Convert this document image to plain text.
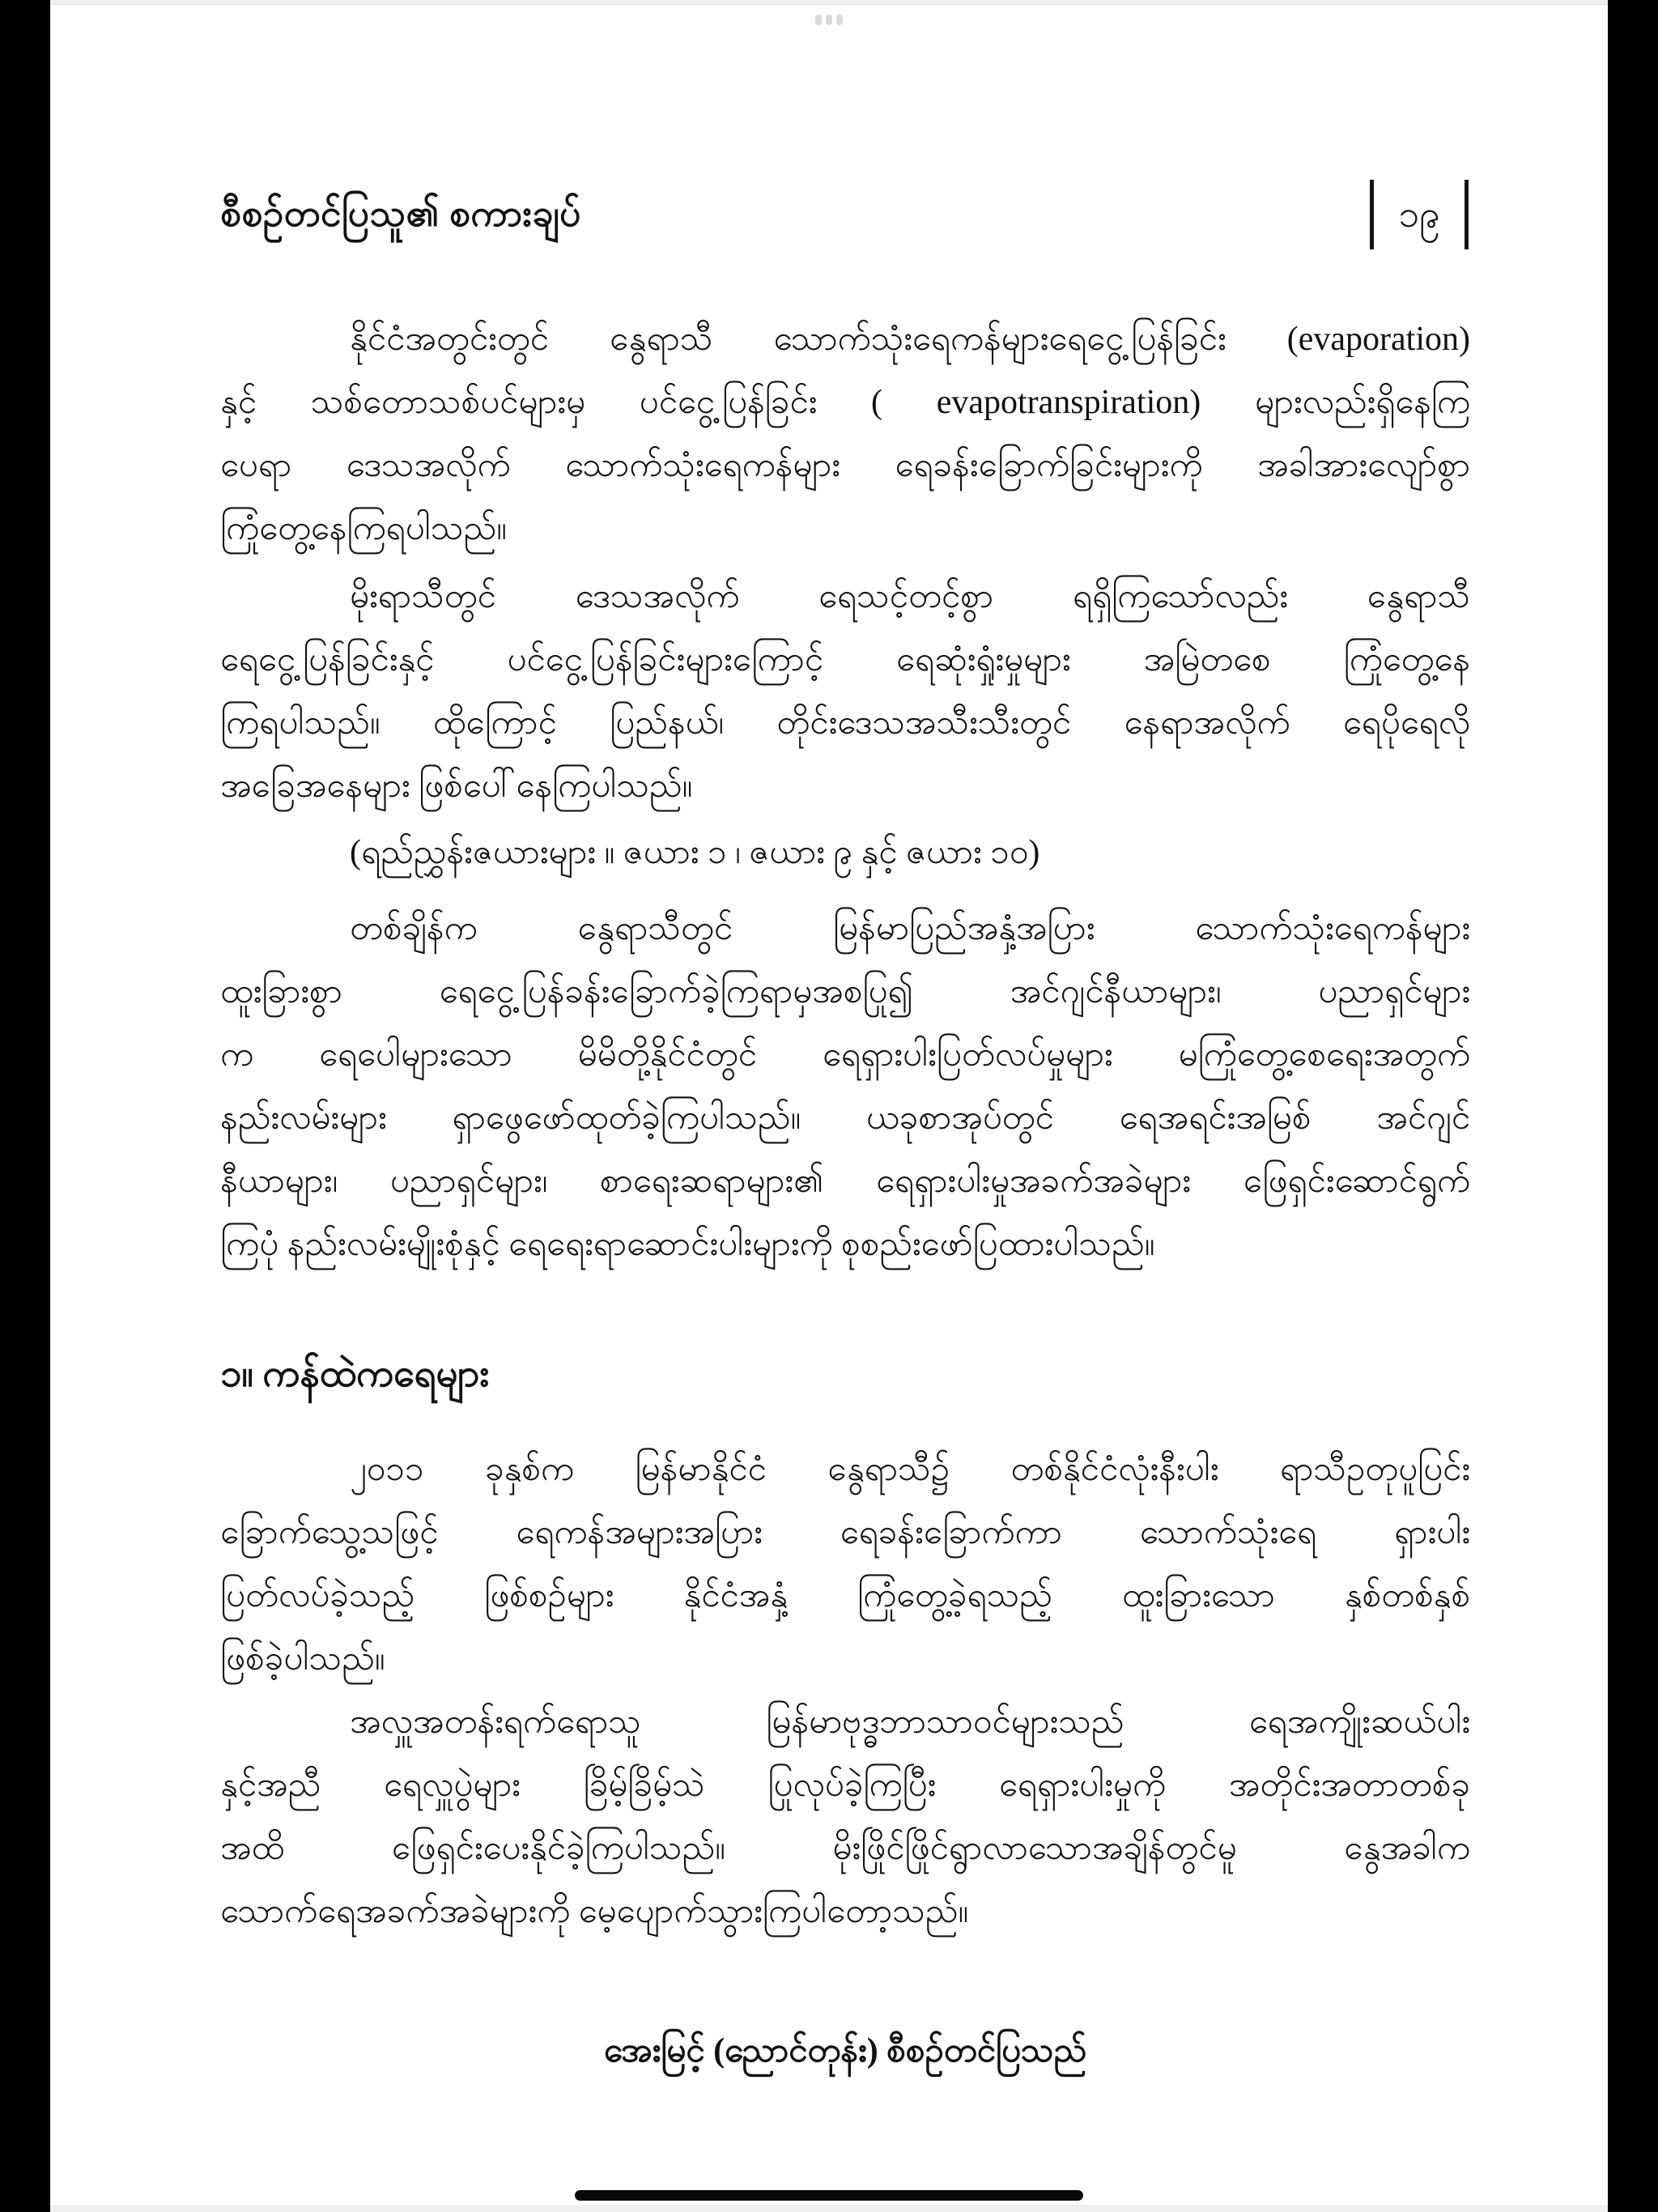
စီစဉ်တင်ပြသူ၏ စကားချပ်	၁၉
နိုင်ငံအတွင်းတွင် နွေရာသီ သောက်သုံးရေကန်များရေငွေ့ပြန်ခြင်း (evaporation)
နှင့် သစ်တောသစ်ပင်များမှ ပင်ငွေ့ပြန်ခြင်း ( evapotranspiration) များလည်းရှိနေကြ
ပေရာ ဒေသအလိုက် သောက်သုံးရေကန်များ ရေခန်းခြောက်ခြင်းများကို အခါအားလျော်စွာ
ကြုံတွေ့နေကြရပါသည်။
မိုးရာသီတွင် ဒေသအလိုက် ရေသင့်တင့်စွာ ရရှိကြသော်လည်း နွေရာသီ
ရေငွေ့ပြန်ခြင်းနှင့် ပင်ငွေ့ပြန်ခြင်းများကြောင့် ရေဆုံးရှုံးမှုများ အမြဲတစေ ကြုံတွေ့နေ
ကြရပါသည်။ ထိုကြောင့် ပြည်နယ်၊ တိုင်းဒေသအသီးသီးတွင် နေရာအလိုက် ရေပိုရေလို
အခြေအနေများ ဖြစ်ပေါ်နေကြပါသည်။
(ရည်ညွှန်းဇယားများ ။ ဇယား ၁ ၊ ဇယား ၉ နှင့် ဇယား ၁၀)
တစ်ချိန်က နွေရာသီတွင် မြန်မာပြည်အနှံ့အပြား သောက်သုံးရေကန်များ
ထူးခြားစွာ ရေငွေ့ပြန်ခန်းခြောက်ခဲ့ကြရာမှအစပြု၍ အင်ဂျင်နီယာများ၊ ပညာရှင်များ
က ရေပေါများသော မိမိတို့နိုင်ငံတွင် ရေရှားပါးပြတ်လပ်မှုများ မကြုံတွေ့စေရေးအတွက်
နည်းလမ်းများ ရှာဖွေဖော်ထုတ်ခဲ့ကြပါသည်။ ယခုစာအုပ်တွင် ရေအရင်းအမြစ် အင်ဂျင်
နီယာများ၊ ပညာရှင်များ၊ စာရေးဆရာများ၏ ရေရှားပါးမှုအခက်အခဲများ ဖြေရှင်းဆောင်ရွက်
ကြပုံ နည်းလမ်းမျိုးစုံနှင့် ရေရေးရာဆောင်းပါးများကို စုစည်းဖော်ပြထားပါသည်။
၁။ ကန်ထဲကရေများ
၂၀၁၁ ခုနှစ်က မြန်မာနိုင်ငံ နွေရာသီ၌ တစ်နိုင်ငံလုံးနီးပါး ရာသီဥတုပူပြင်း
ခြောက်သွေ့သဖြင့် ရေကန်အများအပြား ရေခန်းခြောက်ကာ သောက်သုံးရေ ရှားပါး
ပြတ်လပ်ခဲ့သည့် ဖြစ်စဉ်များ နိုင်ငံအနှံ့ ကြုံတွေ့ခဲ့ရသည့် ထူးခြားသော နှစ်တစ်နှစ်
ဖြစ်ခဲ့ပါသည်။
အလှူအတန်းရက်ရောသူ မြန်မာဗုဒ္ဓဘာသာဝင်များသည် ရေအကျိုးဆယ်ပါး
နှင့်အညီ ရေလှူပွဲများ ခြိမ့်ခြိမ့်သဲ ပြုလုပ်ခဲ့ကြပြီး ရေရှားပါးမှုကို အတိုင်းအတာတစ်ခု
အထိ ဖြေရှင်းပေးနိုင်ခဲ့ကြပါသည်။ မိုးဖြိုင်ဖြိုင်ရွာလာသောအချိန်တွင်မူ နွေအခါက
သောက်ရေအခက်အခဲများကို မေ့ပျောက်သွားကြပါတော့သည်။
အေးမြင့် (ညောင်တုန်း) စီစဉ်တင်ပြသည်
